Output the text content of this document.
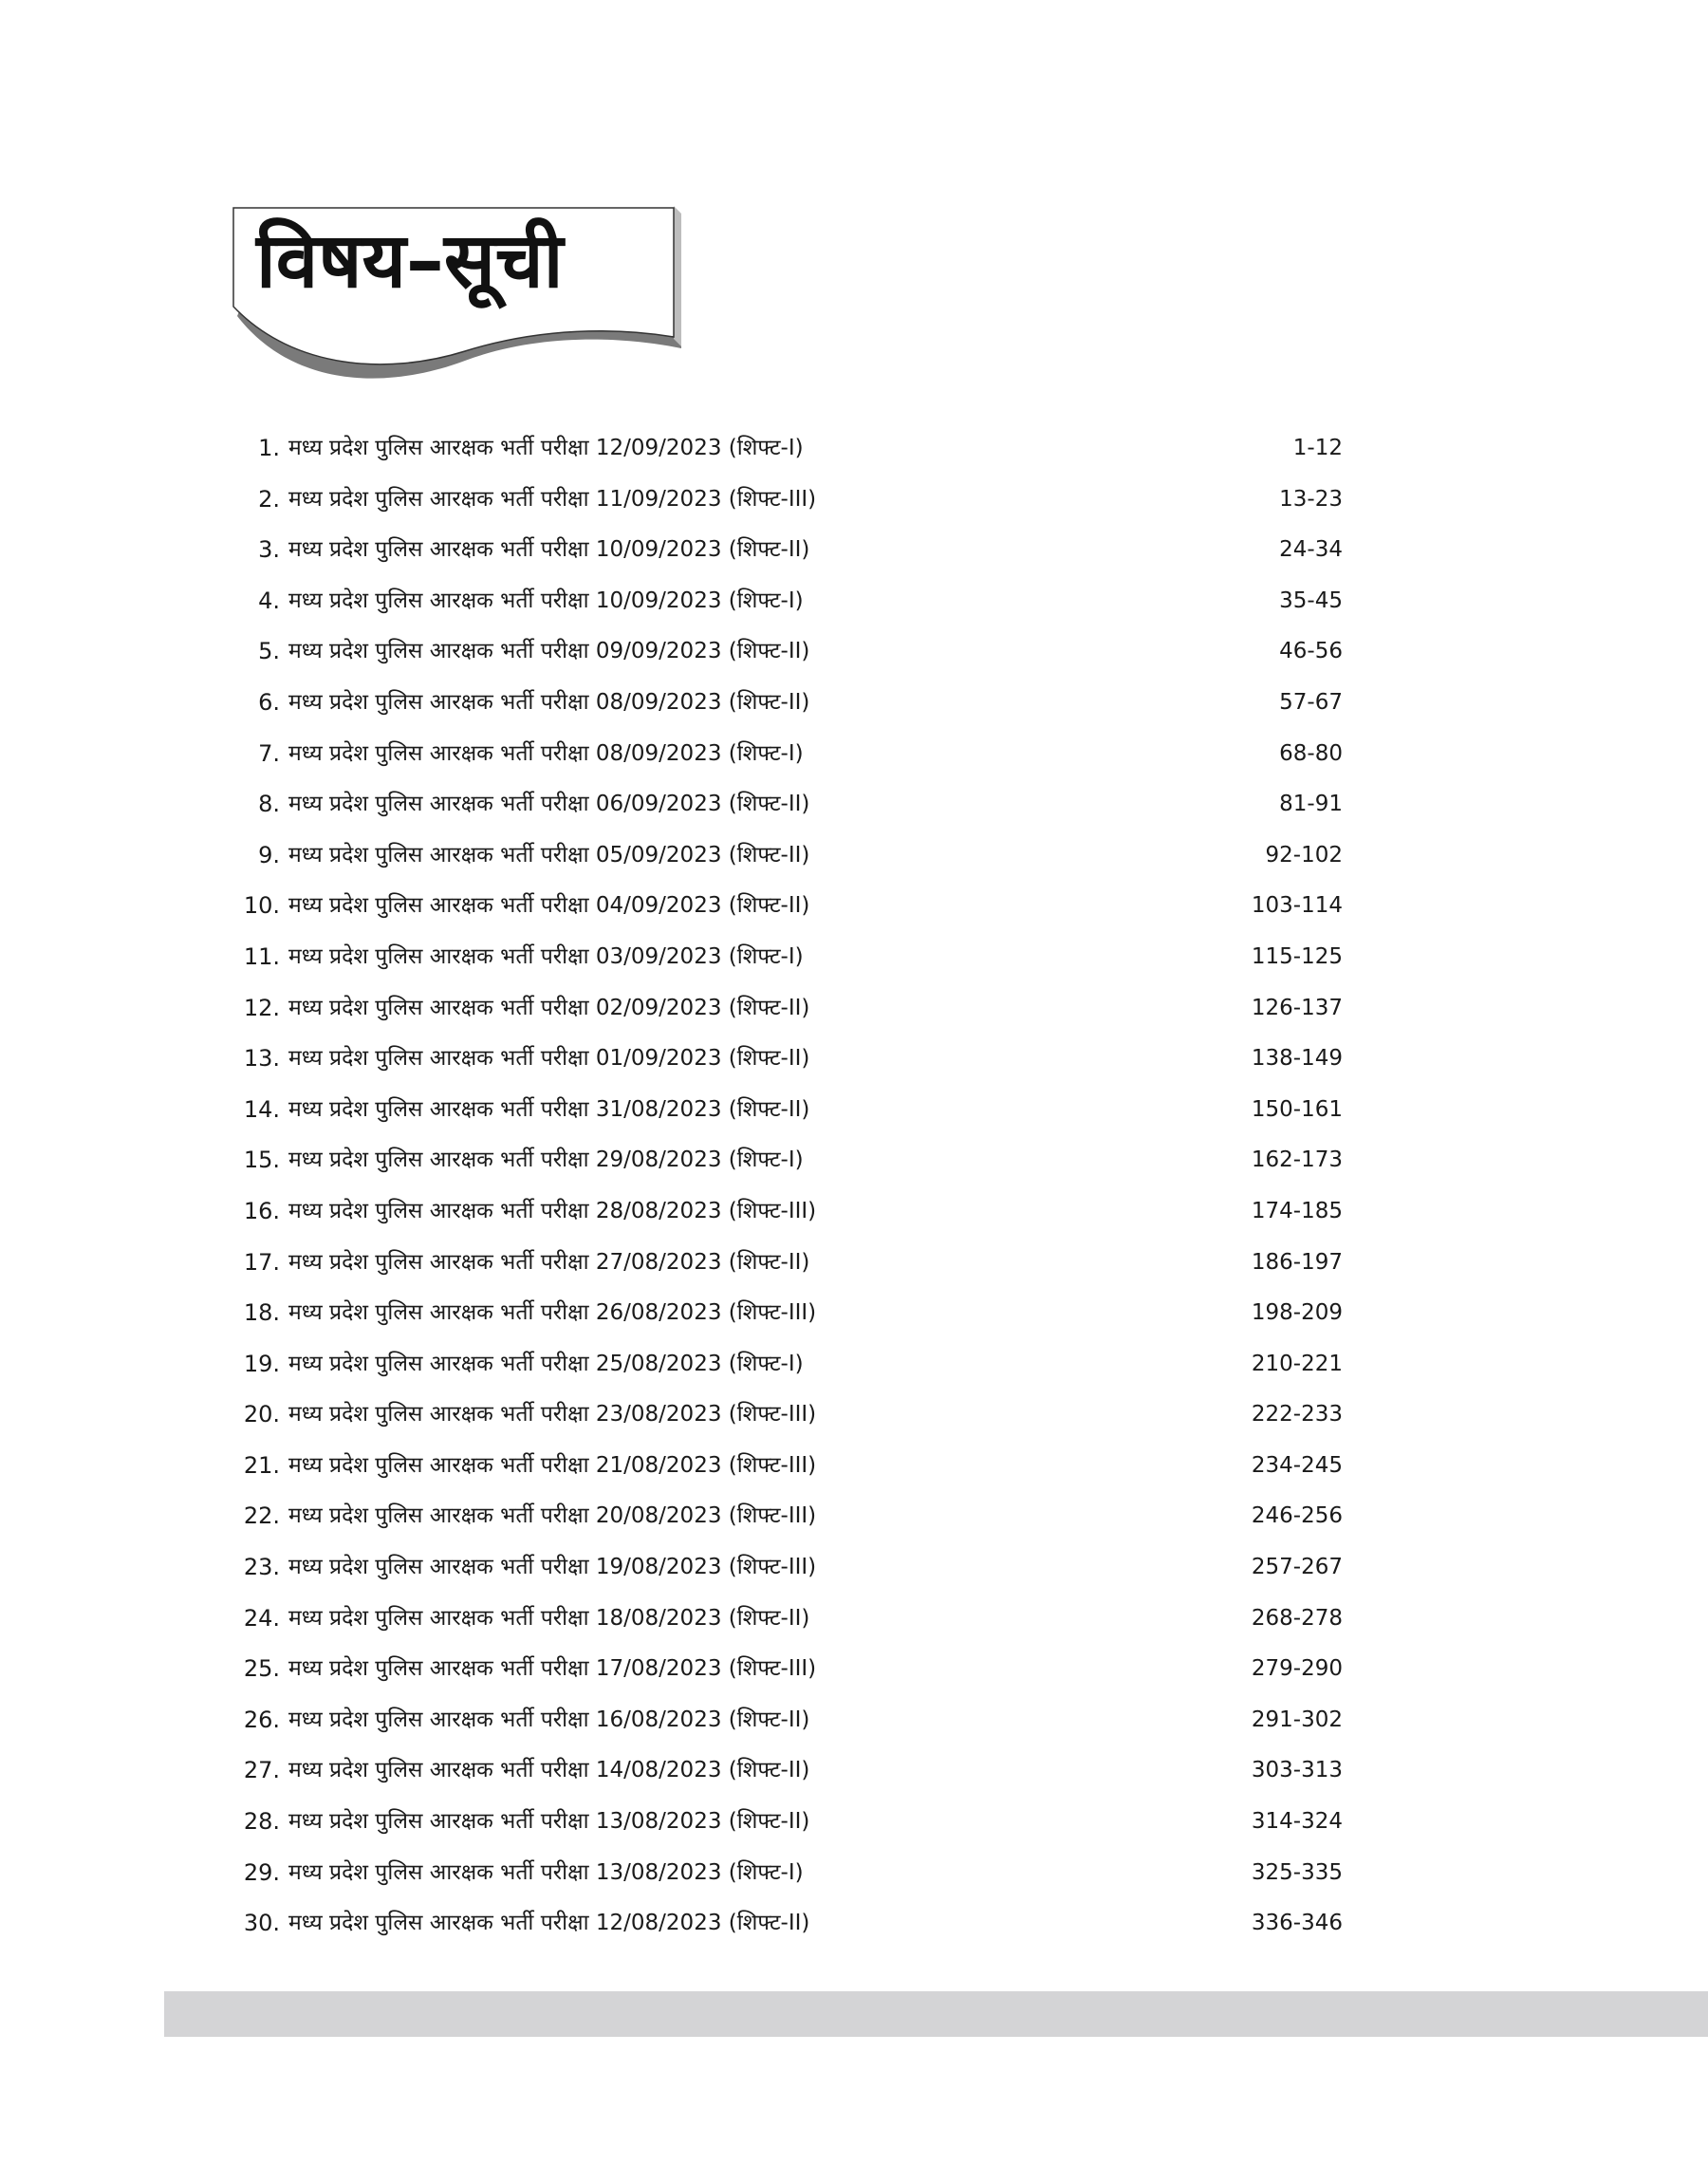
विषय–सूची
1. मध्य प्रदेश पुलिस आरक्षक भर्ती परीक्षा 12/09/2023 (शिफ्ट-I)	1-12
2. मध्य प्रदेश पुलिस आरक्षक भर्ती परीक्षा 11/09/2023 (शिफ्ट-III)	13-23
3. मध्य प्रदेश पुलिस आरक्षक भर्ती परीक्षा 10/09/2023 (शिफ्ट-II)	24-34
4. मध्य प्रदेश पुलिस आरक्षक भर्ती परीक्षा 10/09/2023 (शिफ्ट-I)	35-45
5. मध्य प्रदेश पुलिस आरक्षक भर्ती परीक्षा 09/09/2023 (शिफ्ट-II)	46-56
6. मध्य प्रदेश पुलिस आरक्षक भर्ती परीक्षा 08/09/2023 (शिफ्ट-II)	57-67
7. मध्य प्रदेश पुलिस आरक्षक भर्ती परीक्षा 08/09/2023 (शिफ्ट-I)	68-80
8. मध्य प्रदेश पुलिस आरक्षक भर्ती परीक्षा 06/09/2023 (शिफ्ट-II)	81-91
9. मध्य प्रदेश पुलिस आरक्षक भर्ती परीक्षा 05/09/2023 (शिफ्ट-II)	92-102
10. मध्य प्रदेश पुलिस आरक्षक भर्ती परीक्षा 04/09/2023 (शिफ्ट-II)	103-114
11. मध्य प्रदेश पुलिस आरक्षक भर्ती परीक्षा 03/09/2023 (शिफ्ट-I)	115-125
12. मध्य प्रदेश पुलिस आरक्षक भर्ती परीक्षा 02/09/2023 (शिफ्ट-II)	126-137
13. मध्य प्रदेश पुलिस आरक्षक भर्ती परीक्षा 01/09/2023 (शिफ्ट-II)	138-149
14. मध्य प्रदेश पुलिस आरक्षक भर्ती परीक्षा 31/08/2023 (शिफ्ट-II)	150-161
15. मध्य प्रदेश पुलिस आरक्षक भर्ती परीक्षा 29/08/2023 (शिफ्ट-I)	162-173
16. मध्य प्रदेश पुलिस आरक्षक भर्ती परीक्षा 28/08/2023 (शिफ्ट-III)	174-185
17. मध्य प्रदेश पुलिस आरक्षक भर्ती परीक्षा 27/08/2023 (शिफ्ट-II)	186-197
18. मध्य प्रदेश पुलिस आरक्षक भर्ती परीक्षा 26/08/2023 (शिफ्ट-III)	198-209
19. मध्य प्रदेश पुलिस आरक्षक भर्ती परीक्षा 25/08/2023 (शिफ्ट-I)	210-221
20. मध्य प्रदेश पुलिस आरक्षक भर्ती परीक्षा 23/08/2023 (शिफ्ट-III)	222-233
21. मध्य प्रदेश पुलिस आरक्षक भर्ती परीक्षा 21/08/2023 (शिफ्ट-III)	234-245
22. मध्य प्रदेश पुलिस आरक्षक भर्ती परीक्षा 20/08/2023 (शिफ्ट-III)	246-256
23. मध्य प्रदेश पुलिस आरक्षक भर्ती परीक्षा 19/08/2023 (शिफ्ट-III)	257-267
24. मध्य प्रदेश पुलिस आरक्षक भर्ती परीक्षा 18/08/2023 (शिफ्ट-II)	268-278
25. मध्य प्रदेश पुलिस आरक्षक भर्ती परीक्षा 17/08/2023 (शिफ्ट-III)	279-290
26. मध्य प्रदेश पुलिस आरक्षक भर्ती परीक्षा 16/08/2023 (शिफ्ट-II)	291-302
27. मध्य प्रदेश पुलिस आरक्षक भर्ती परीक्षा 14/08/2023 (शिफ्ट-II)	303-313
28. मध्य प्रदेश पुलिस आरक्षक भर्ती परीक्षा 13/08/2023 (शिफ्ट-II)	314-324
29. मध्य प्रदेश पुलिस आरक्षक भर्ती परीक्षा 13/08/2023 (शिफ्ट-I)	325-335
30. मध्य प्रदेश पुलिस आरक्षक भर्ती परीक्षा 12/08/2023 (शिफ्ट-II)	336-346
